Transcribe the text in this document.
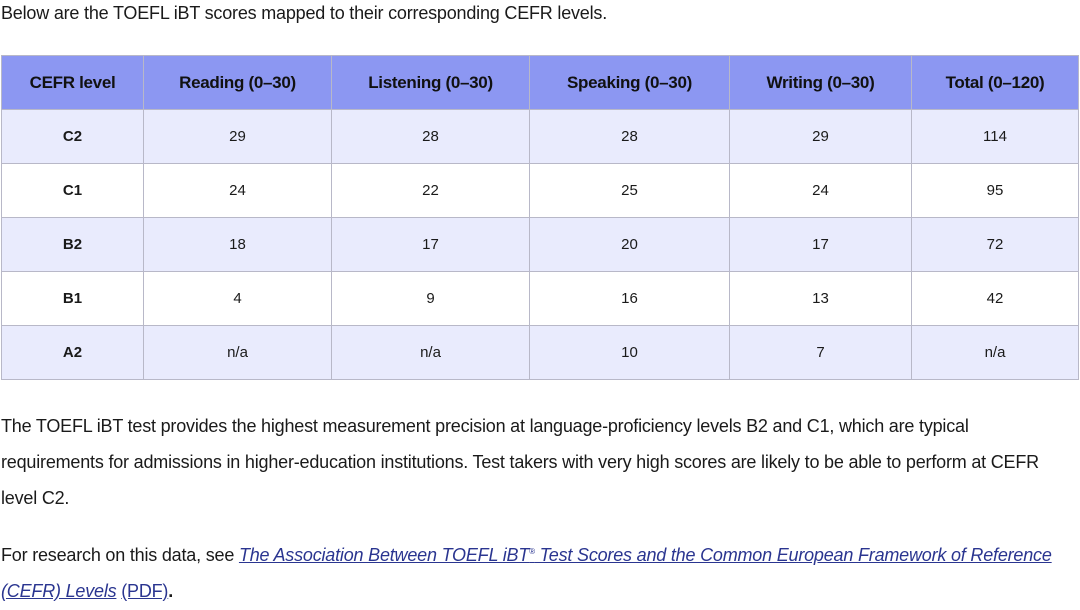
Below are the TOEFL iBT scores mapped to their corresponding CEFR levels.
CEFR level	Reading (0–30)	Listening (0–30)	Speaking (0–30)	Writing (0–30)	Total (0–120)
C2	29	28	28	29	114
C1	24	22	25	24	95
B2	18	17	20	17	72
B1	4	9	16	13	42
A2	n/a	n/a	10	7	n/a
The TOEFL iBT test provides the highest measurement precision at language-proficiency levels B2 and C1, which are typical requirements for admissions in higher-education institutions. Test takers with very high scores are likely to be able to perform at CEFR level C2.
For research on this data, see The Association Between TOEFL iBT® Test Scores and the Common European Framework of Reference (CEFR) Levels (PDF).
